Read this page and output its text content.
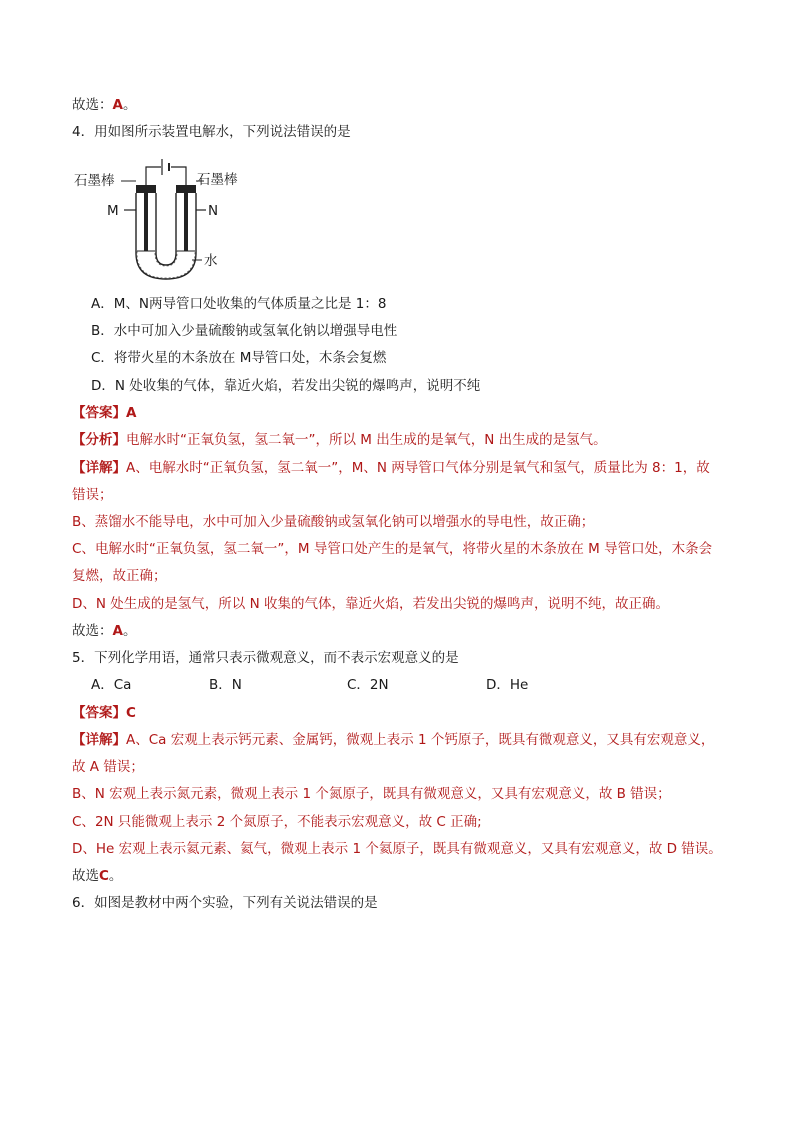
故选：A。
4．用如图所示装置电解水，下列说法错误的是
石墨棒	石墨棒
M	N
水
A．M、N两导管口处收集的气体质量之比是 1：8
B．水中可加入少量硫酸钠或氢氧化钠以增强导电性
C．将带火星的木条放在 M导管口处，木条会复燃
D．N 处收集的气体，靠近火焰，若发出尖锐的爆鸣声，说明不纯
【答案】A
【分析】电解水时“正氧负氢，氢二氧一”，所以 M 出生成的是氧气，N 出生成的是氢气。
【详解】A、电解水时“正氧负氢，氢二氧一”，M、N 两导管口气体分别是氧气和氢气，质量比为 8：1，故
错误；
B、蒸馏水不能导电，水中可加入少量硫酸钠或氢氧化钠可以增强水的导电性，故正确；
C、电解水时“正氧负氢，氢二氧一”，M 导管口处产生的是氧气，将带火星的木条放在 M 导管口处，木条会
复燃，故正确；
D、N 处生成的是氢气，所以 N 收集的气体，靠近火焰，若发出尖锐的爆鸣声，说明不纯，故正确。
故选：A。
5．下列化学用语，通常只表示微观意义，而不表示宏观意义的是
A．Ca	B．N	C．2N	D．He
【答案】C
【详解】A、Ca 宏观上表示钙元素、金属钙，微观上表示 1 个钙原子，既具有微观意义，又具有宏观意义，
故 A 错误；
B、N 宏观上表示氮元素，微观上表示 1 个氮原子，既具有微观意义，又具有宏观意义，故 B 错误；
C、2N 只能微观上表示 2 个氮原子，不能表示宏观意义，故 C 正确;
D、He 宏观上表示氦元素、氦气，微观上表示 1 个氦原子，既具有微观意义，又具有宏观意义，故 D 错误。
故选C。
6．如图是教材中两个实验，下列有关说法错误的是
